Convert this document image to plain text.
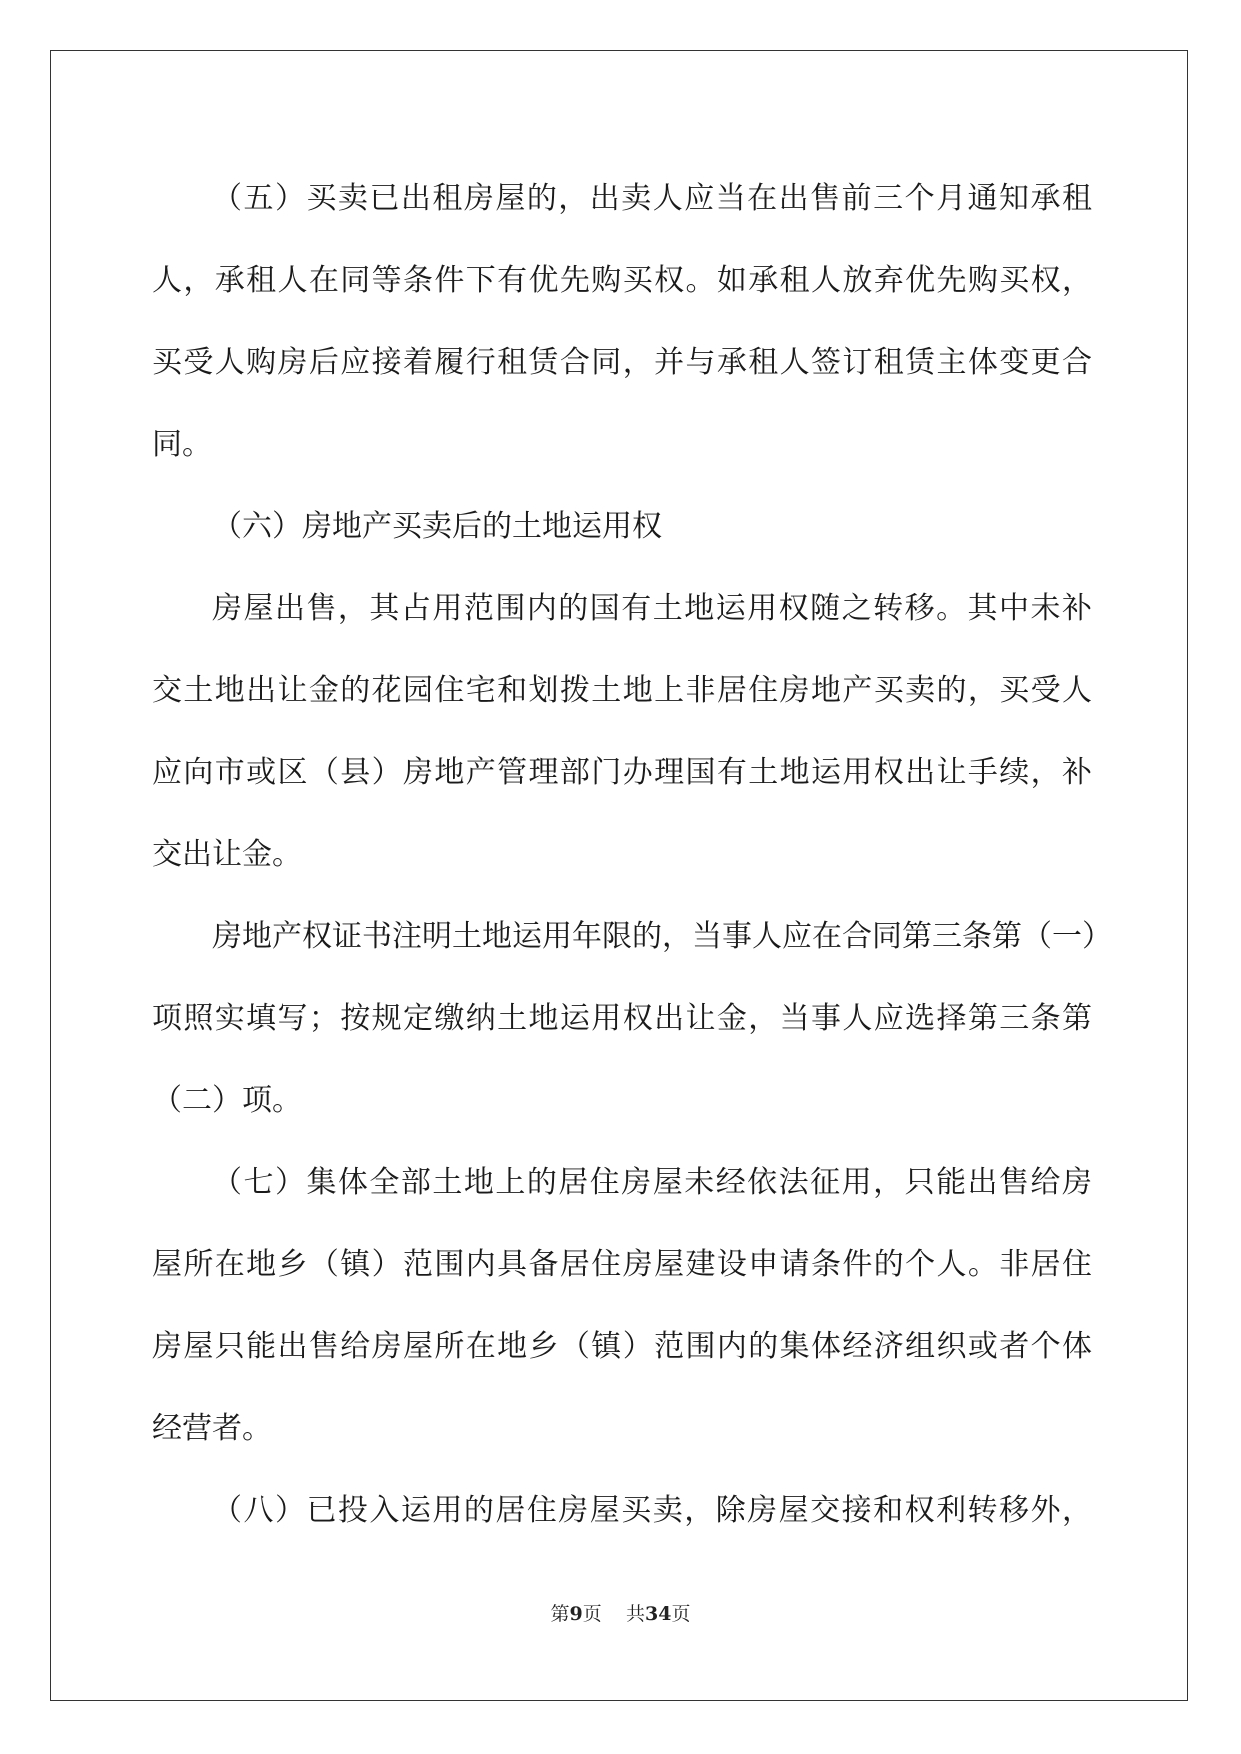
（五）买卖已出租房屋的，出卖人应当在出售前三个月通知承租
人，承租人在同等条件下有优先购买权。如承租人放弃优先购买权，
买受人购房后应接着履行租赁合同，并与承租人签订租赁主体变更合
同。
（六）房地产买卖后的土地运用权
房屋出售，其占用范围内的国有土地运用权随之转移。其中未补
交土地出让金的花园住宅和划拨土地上非居住房地产买卖的，买受人
应向市或区（县）房地产管理部门办理国有土地运用权出让手续，补
交出让金。
房地产权证书注明土地运用年限的，当事人应在合同第三条第（一）
项照实填写；按规定缴纳土地运用权出让金，当事人应选择第三条第
（二）项。
（七）集体全部土地上的居住房屋未经依法征用，只能出售给房
屋所在地乡（镇）范围内具备居住房屋建设申请条件的个人。非居住
房屋只能出售给房屋所在地乡（镇）范围内的集体经济组织或者个体
经营者。
（八）已投入运用的居住房屋买卖，除房屋交接和权利转移外，
第9页 共34页
